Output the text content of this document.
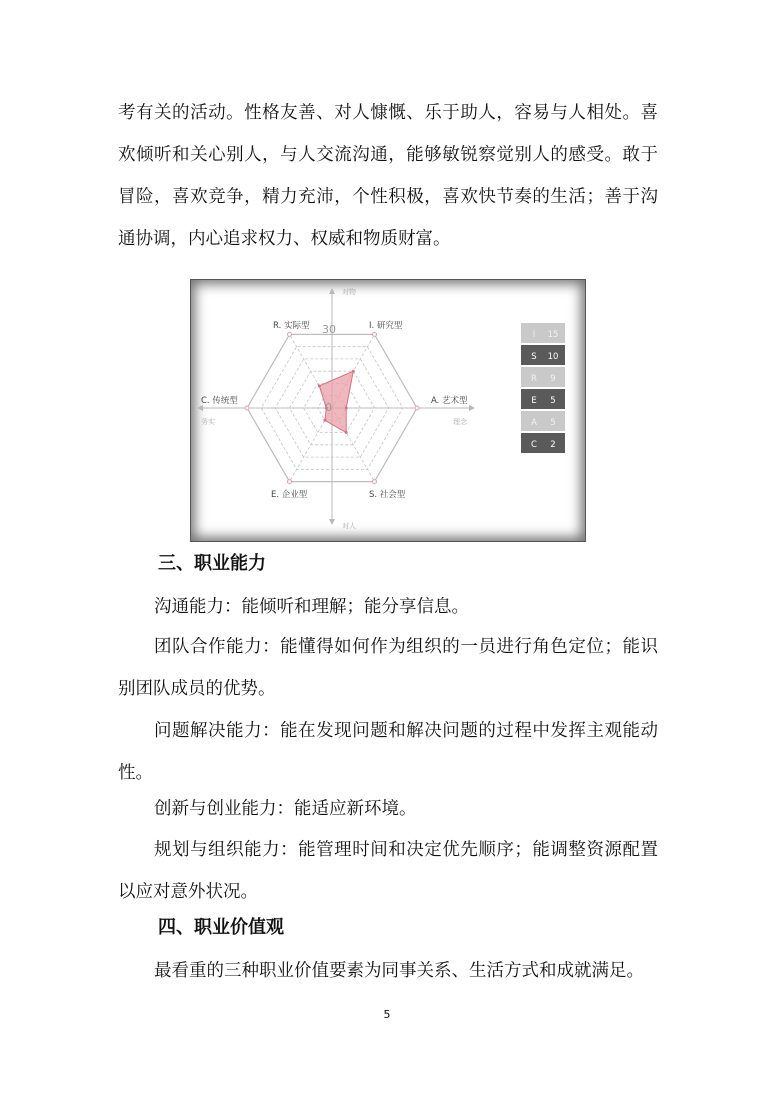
考有关的活动。性格友善、对人慷慨、乐于助人，容易与人相处。喜欢倾听和关心别人，与人交流沟通，能够敏锐察觉别人的感受。敢于冒险，喜欢竞争，精力充沛，个性积极，喜欢快节奏的生活；善于沟通协调，内心追求权力、权威和物质财富。

30
0
I. 研究型
A. 艺术型
S. 社会型
E. 企业型
C. 传统型
R. 实际型
对物
对人
务实	理念
I 15
S 10
R 9
E 5
A 5
C 2
三、职业能力

沟通能力：能倾听和理解；能分享信息。

团队合作能力：能懂得如何作为组织的一员进行角色定位；能识别团队成员的优势。

问题解决能力：能在发现问题和解决问题的过程中发挥主观能动性。

创新与创业能力：能适应新环境。

规划与组织能力：能管理时间和决定优先顺序；能调整资源配置以应对意外状况。

四、职业价值观

最看重的三种职业价值要素为同事关系、生活方式和成就满足。

5
